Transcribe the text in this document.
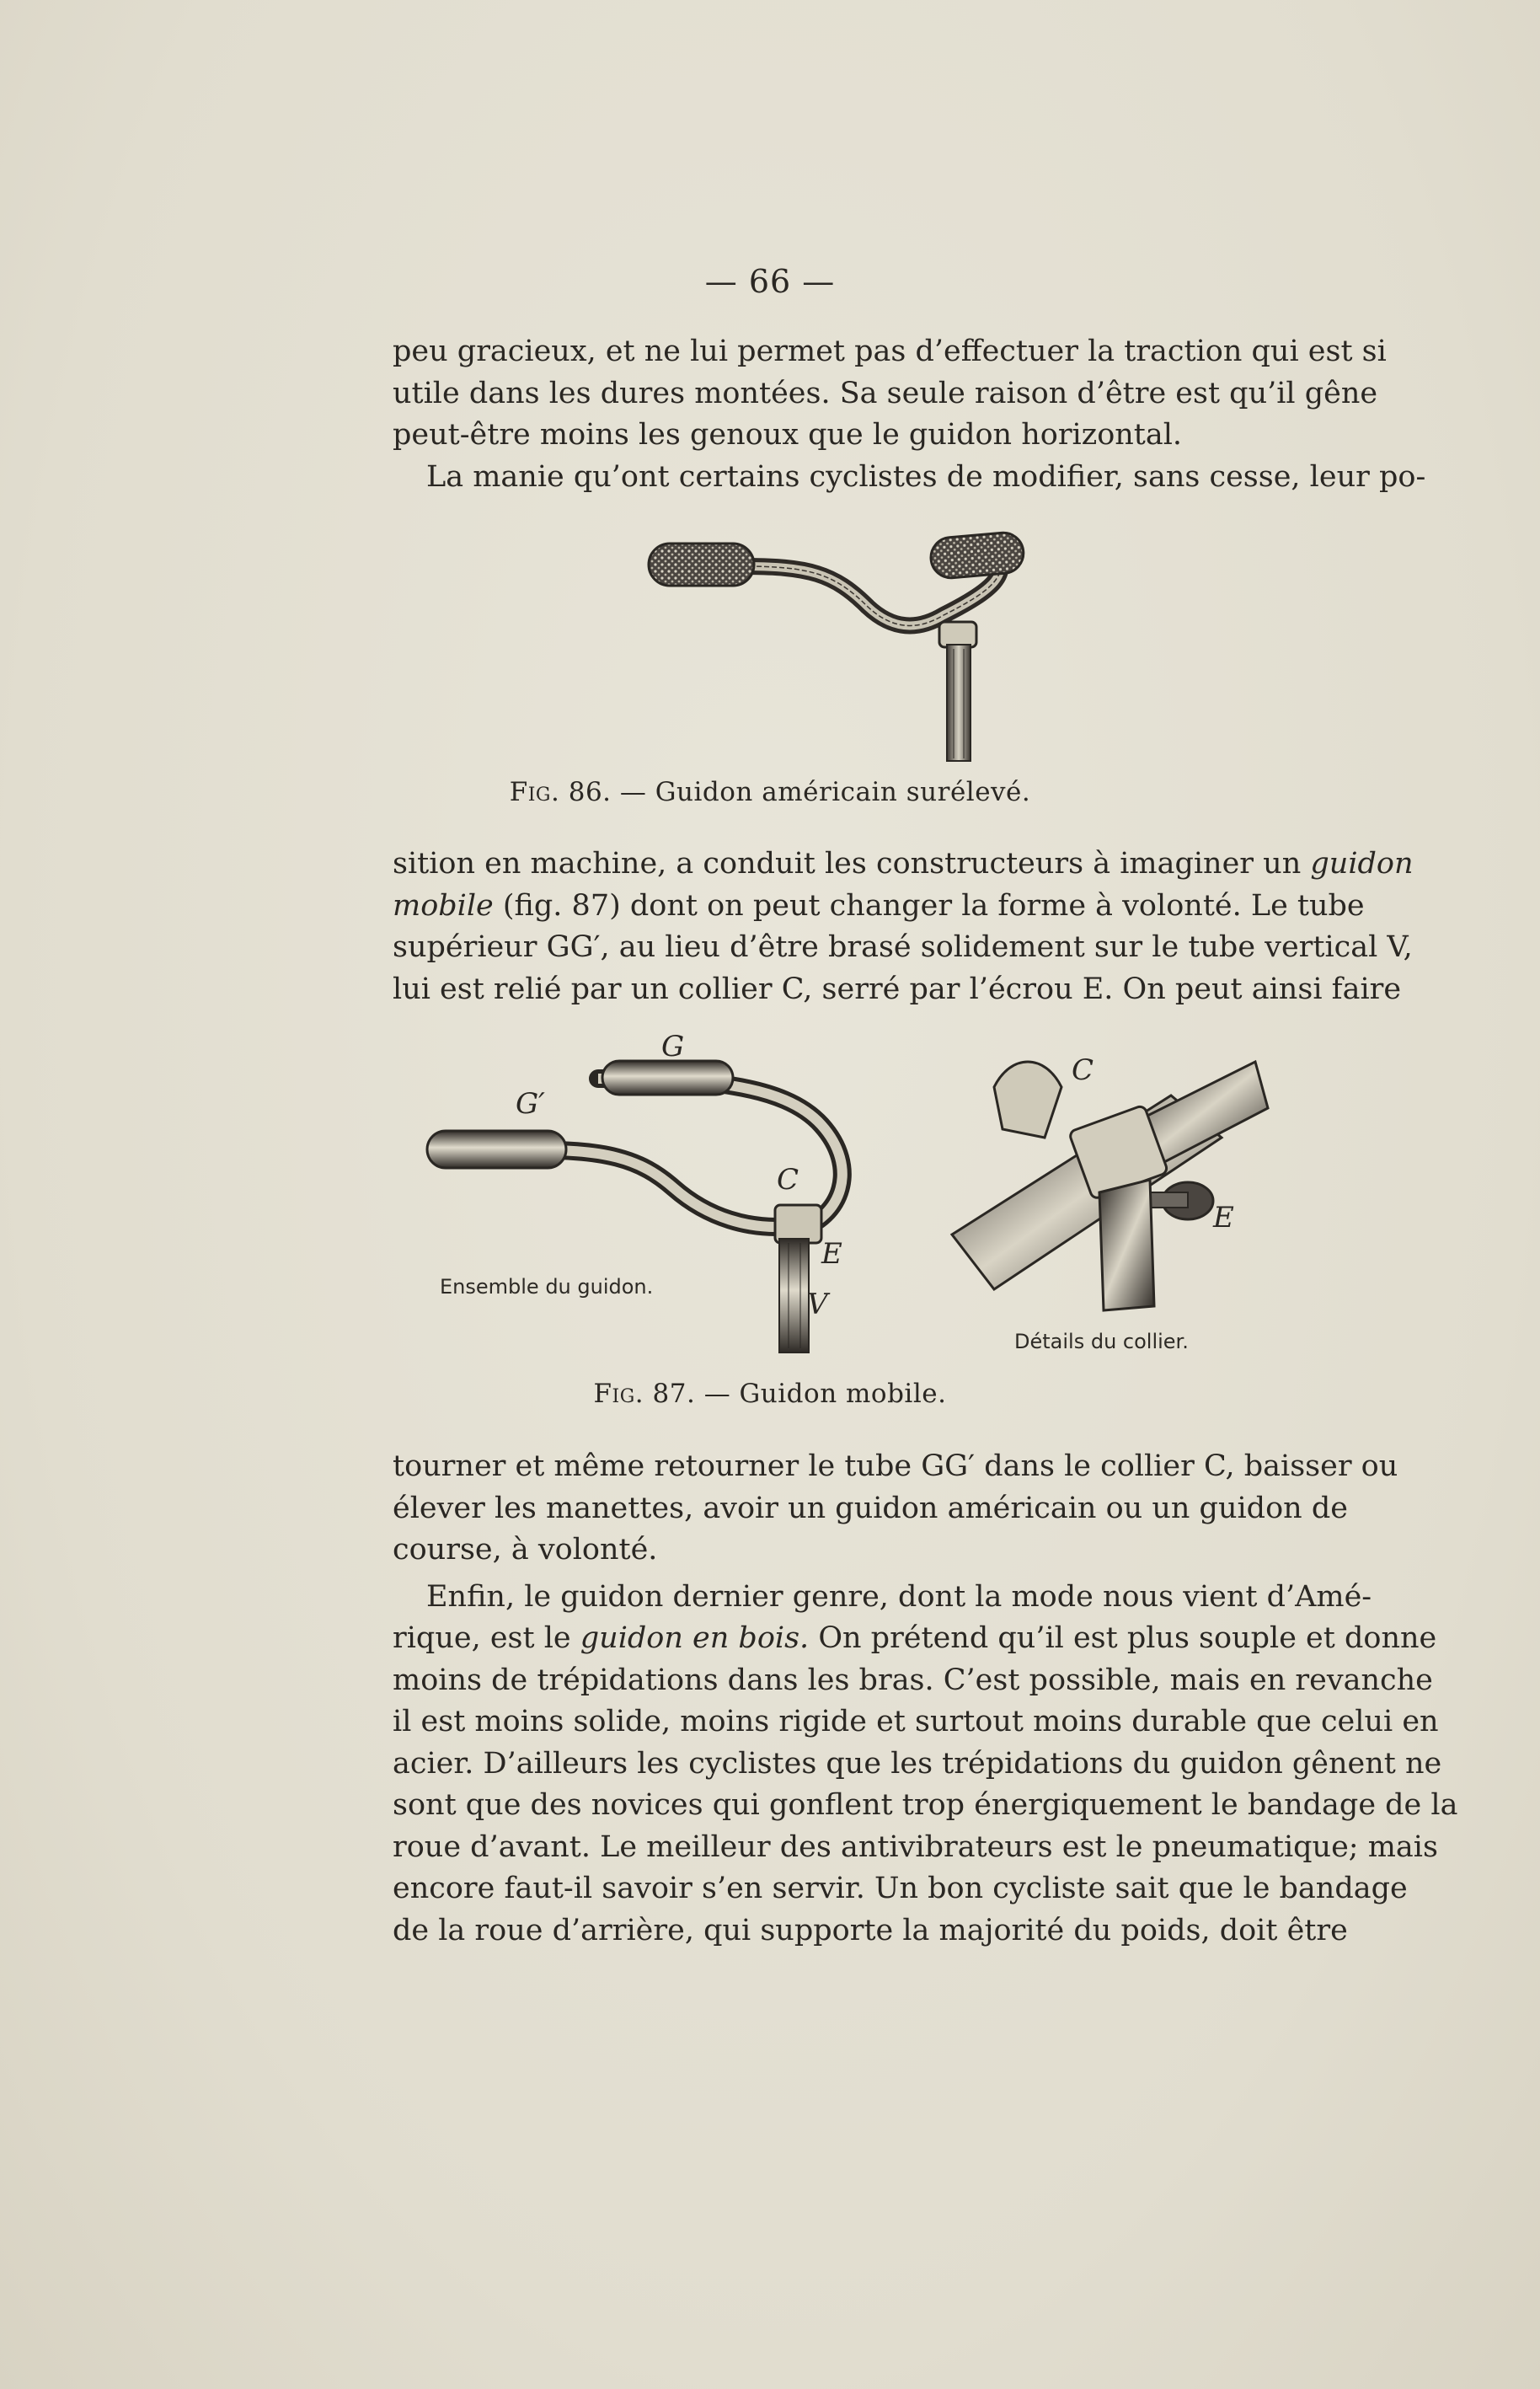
— 66 —
peu gracieux, et ne lui permet pas d’effectuer la traction qui est si
utile dans les dures montées. Sa seule raison d’être est qu’il gêne
peut-être moins les genoux que le guidon horizontal.
La manie qu’ont certains cyclistes de modifier, sans cesse, leur po-
Fig. 86. — Guidon américain surélevé.
sition en machine, a conduit les constructeurs à imaginer un guidon
mobile (fig. 87) dont on peut changer la forme à volonté. Le tube
supérieur GG′, au lieu d’être brasé solidement sur le tube vertical V,
lui est relié par un collier C, serré par l’écrou E. On peut ainsi faire
G
G′
C
E
V
C
E
Ensemble du guidon.
Détails du collier.
Fig. 87. — Guidon mobile.
tourner et même retourner le tube GG′ dans le collier C, baisser ou
élever les manettes, avoir un guidon américain ou un guidon de
course, à volonté.
Enfin, le guidon dernier genre, dont la mode nous vient d’Amé-
rique, est le guidon en bois. On prétend qu’il est plus souple et donne
moins de trépidations dans les bras. C’est possible, mais en revanche
il est moins solide, moins rigide et surtout moins durable que celui en
acier. D’ailleurs les cyclistes que les trépidations du guidon gênent ne
sont que des novices qui gonflent trop énergiquement le bandage de la
roue d’avant. Le meilleur des antivibrateurs est le pneumatique; mais
encore faut-il savoir s’en servir. Un bon cycliste sait que le bandage
de la roue d’arrière, qui supporte la majorité du poids, doit être
